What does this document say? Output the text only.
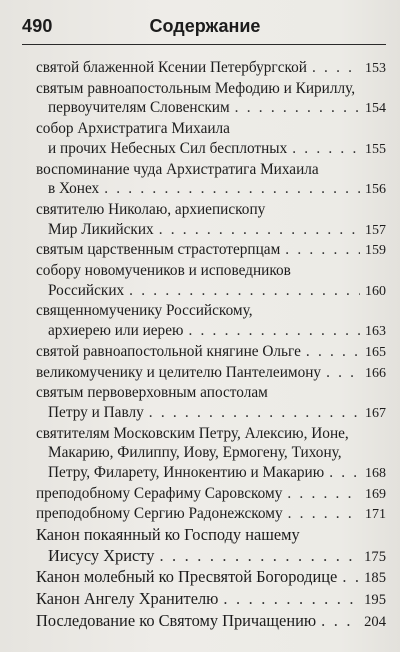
490	Содержание
святой блаженной Ксении Петербургской . . .	153
святым равноапостольным Мефодию и Кириллу,
первоучителям Словенским . . .	154
собор Архистратига Михаила
и прочих Небесных Сил бесплотных . . .	155
воспоминание чуда Архистратига Михаила
в Хонех . . .	156
святителю Николаю, архиепископу
Мир Ликийских . . .	157
святым царственным страстотерпцам . . .	159
собору новомучеников и исповедников
Российских . . .	160
священномученику Российскому,
архиерею или иерею . . .	163
святой равноапостольной княгине Ольге . . .	165
великомученику и целителю Пантелеимону . . .	166
святым первоверховным апостолам
Петру и Павлу . . .	167
святителям Московским Петру, Алексию, Ионе,
Макарию, Филиппу, Иову, Ермогену, Тихону,
Петру, Филарету, Иннокентию и Макарию . . .	168
преподобному Серафиму Саровскому . . .	169
преподобному Сергию Радонежскому . . .	171
Канон покаянный ко Господу нашему
Иисусу Христу . . .	175
Канон молебный ко Пресвятой Богородице . . . 185
Канон Ангелу Хранителю . . .	195
Последование ко Святому Причащению . . .	204
